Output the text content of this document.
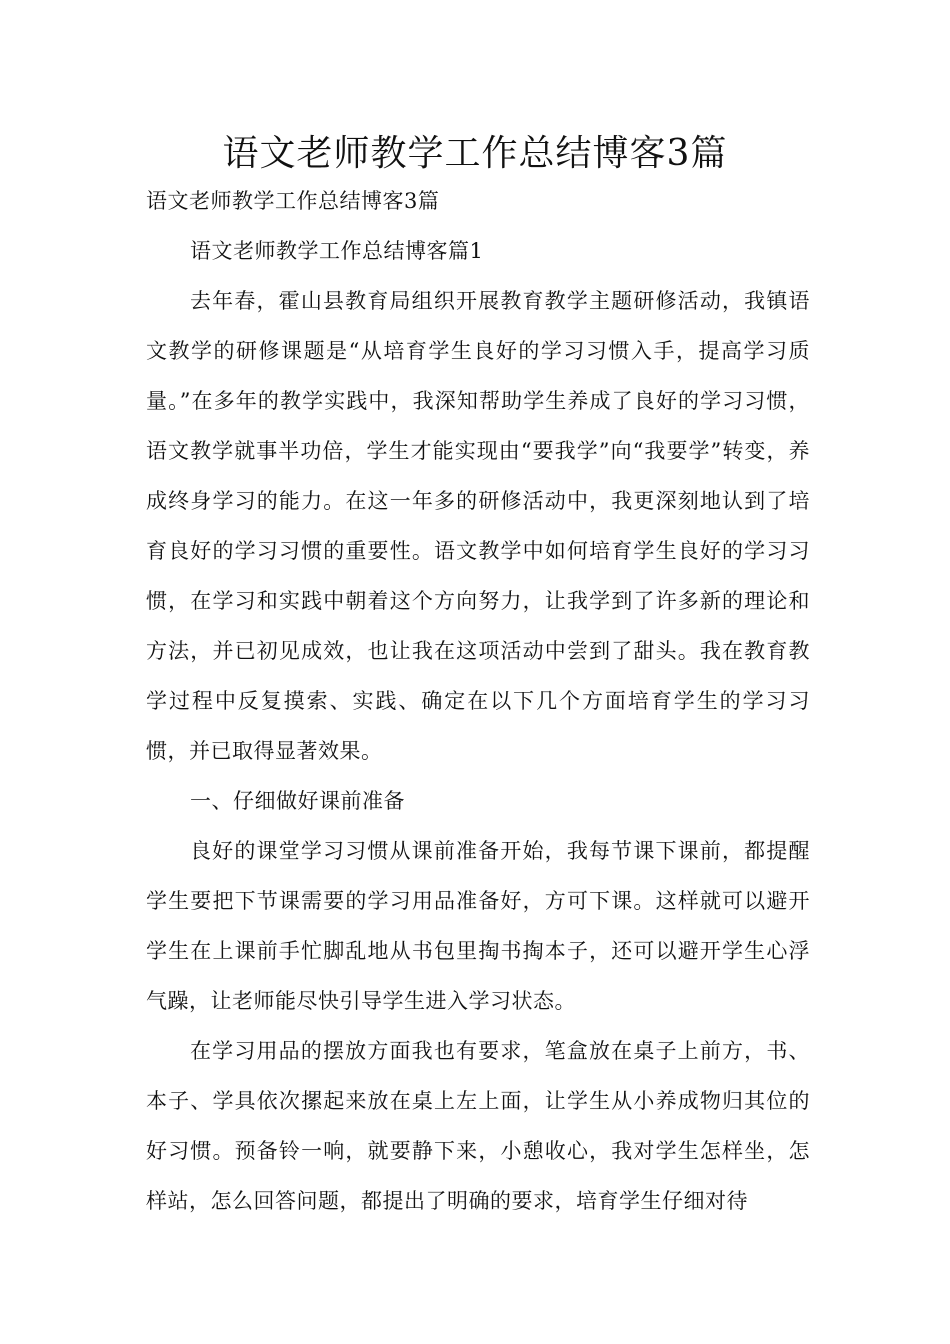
语文老师教学工作总结博客3篇

语文老师教学工作总结博客3篇

语文老师教学工作总结博客篇1

去年春，霍山县教育局组织开展教育教学主题研修活动，我镇语文教学的研修课题是“从培育学生良好的学习习惯入手，提高学习质量。”在多年的教学实践中，我深知帮助学生养成了良好的学习习惯，语文教学就事半功倍，学生才能实现由“要我学”向“我要学”转变，养成终身学习的能力。在这一年多的研修活动中，我更深刻地认到了培育良好的学习习惯的重要性。语文教学中如何培育学生良好的学习习惯，在学习和实践中朝着这个方向努力，让我学到了许多新的理论和方法，并已初见成效，也让我在这项活动中尝到了甜头。我在教育教学过程中反复摸索、实践、确定在以下几个方面培育学生的学习习惯，并已取得显著效果。

一、仔细做好课前准备

良好的课堂学习习惯从课前准备开始，我每节课下课前，都提醒学生要把下节课需要的学习用品准备好，方可下课。这样就可以避开学生在上课前手忙脚乱地从书包里掏书掏本子，还可以避开学生心浮气躁，让老师能尽快引导学生进入学习状态。

在学习用品的摆放方面我也有要求，笔盒放在桌子上前方，书、本子、学具依次摞起来放在桌上左上面，让学生从小养成物归其位的好习惯。预备铃一响，就要静下来，小憩收心，我对学生怎样坐，怎样站，怎么回答问题，都提出了明确的要求，培育学生仔细对待
